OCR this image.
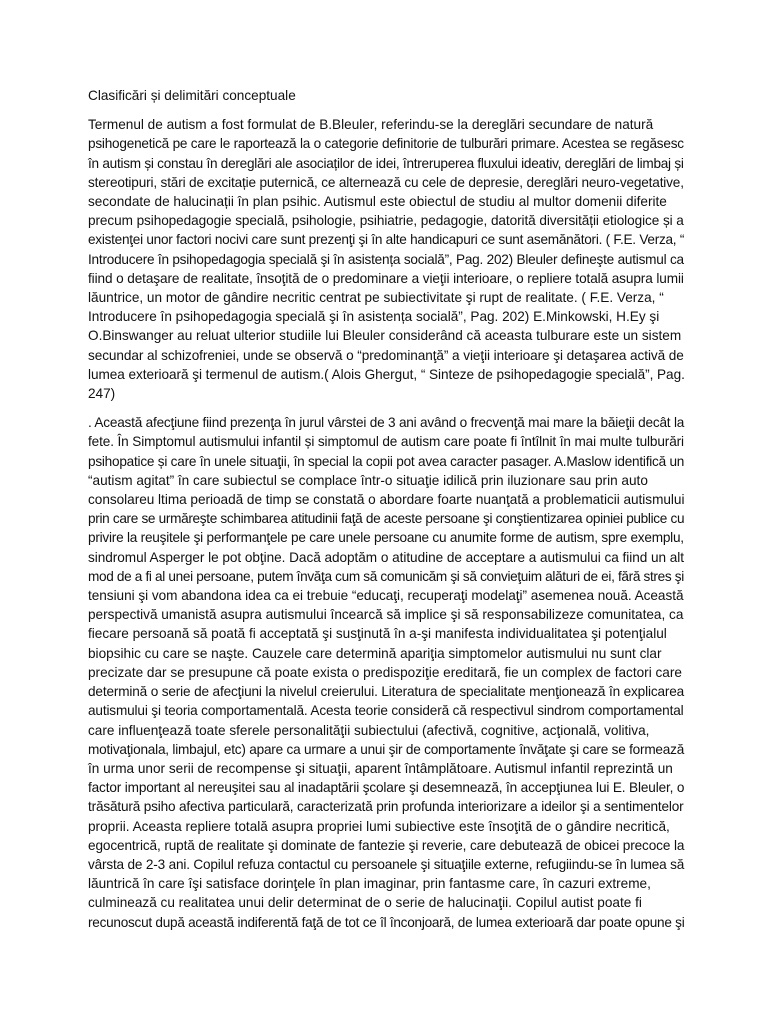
Clasificări și delimitări conceptuale

Termenul de autism a fost formulat de B.Bleuler, referindu-se la dereglări secundare de natură
psihogenetică pe care le raportează la o categorie definitorie de tulburări primare. Acestea se regăsesc
în autism și constau în dereglări ale asociaților de idei, întreruperea fluxului ideativ, dereglări de limbaj și
stereotipuri, stări de excitație puternică, ce alternează cu cele de depresie, dereglări neuro-vegetative,
secondate de halucinații în plan psihic. Autismul este obiectul de studiu al multor domenii diferite
precum psihopedagogie specială, psihologie, psihiatrie, pedagogie, datorită diversității etiologice și a
existenţei unor factori nocivi care sunt prezenţi şi în alte handicapuri ce sunt asemănători. ( F.E. Verza, “
Introducere în psihopedagogia specială şi în asistența socială”, Pag. 202) Bleuler defineşte autismul ca
fiind o detaşare de realitate, însoţită de o predominare a vieţii interioare, o repliere totală asupra lumii
lăuntrice, un motor de gândire necritic centrat pe subiectivitate şi rupt de realitate. ( F.E. Verza, “
Introducere în psihopedagogia specială şi în asistența socială”, Pag. 202) E.Minkowski, H.Ey şi
O.Binswanger au reluat ulterior studiile lui Bleuler considerând că aceasta tulburare este un sistem
secundar al schizofreniei, unde se observă o “predominanţă” a vieţii interioare şi detaşarea activă de
lumea exterioară şi termenul de autism.( Alois Ghergut, “ Sinteze de psihopedagogie specială”, Pag.
247)

. Această afecţiune fiind prezenţa în jurul vârstei de 3 ani având o frecvenţă mai mare la băieţii decât la
fete. În Simptomul autismului infantil și simptomul de autism care poate fi întîlnit în mai multe tulburări
psihopatice și care în unele situaţii, în special la copii pot avea caracter pasager. A.Maslow identifică un
“autism agitat” în care subiectul se complace într-o situaţie idilică prin iluzionare sau prin auto
consolareu ltima perioadă de timp se constată o abordare foarte nuanţată a problematicii autismului
prin care se urmăreşte schimbarea atitudinii faţă de aceste persoane şi conştientizarea opiniei publice cu
privire la reuşitele şi performanţele pe care unele persoane cu anumite forme de autism, spre exemplu,
sindromul Asperger le pot obţine. Dacă adoptăm o atitudine de acceptare a autismului ca fiind un alt
mod de a fi al unei persoane, putem învăţa cum să comunicăm şi să convieţuim alături de ei, fără stres şi
tensiuni şi vom abandona idea ca ei trebuie “educaţi, recuperaţi modelaţi” asemenea nouă. Această
perspectivă umanistă asupra autismului încearcă să implice şi să responsabilizeze comunitatea, ca
fiecare persoană să poată fi acceptată şi susţinută în a-şi manifesta individualitatea şi potenţialul
biopsihic cu care se naşte. Cauzele care determină apariţia simptomelor autismului nu sunt clar
precizate dar se presupune că poate exista o predispoziţie ereditară, fie un complex de factori care
determină o serie de afecţiuni la nivelul creierului. Literatura de specialitate menţionează în explicarea
autismului şi teoria comportamentală. Acesta teorie consideră că respectivul sindrom comportamental
care influenţează toate sferele personalităţii subiectului (afectivă, cognitive, acţională, volitiva,
motivaţionala, limbajul, etc) apare ca urmare a unui şir de comportamente învăţate şi care se formează
în urma unor serii de recompense şi situaţii, aparent întâmplătoare. Autismul infantil reprezintă un
factor important al nereuşitei sau al inadaptării şcolare şi desemnează, în accepţiunea lui E. Bleuler, o
trăsătură psiho afectiva particulară, caracterizată prin profunda interiorizare a ideilor şi a sentimentelor
proprii. Aceasta repliere totală asupra propriei lumi subiective este însoţită de o gândire necritică,
egocentrică, ruptă de realitate şi dominate de fantezie şi reverie, care debutează de obicei precoce la
vârsta de 2-3 ani. Copilul refuza contactul cu persoanele şi situaţiile externe, refugiindu-se în lumea să
lăuntrică în care îşi satisface dorinţele în plan imaginar, prin fantasme care, în cazuri extreme,
culminează cu realitatea unui delir determinat de o serie de halucinaţii. Copilul autist poate fi
recunoscut după această indiferentă faţă de tot ce îl înconjoară, de lumea exterioară dar poate opune şi
